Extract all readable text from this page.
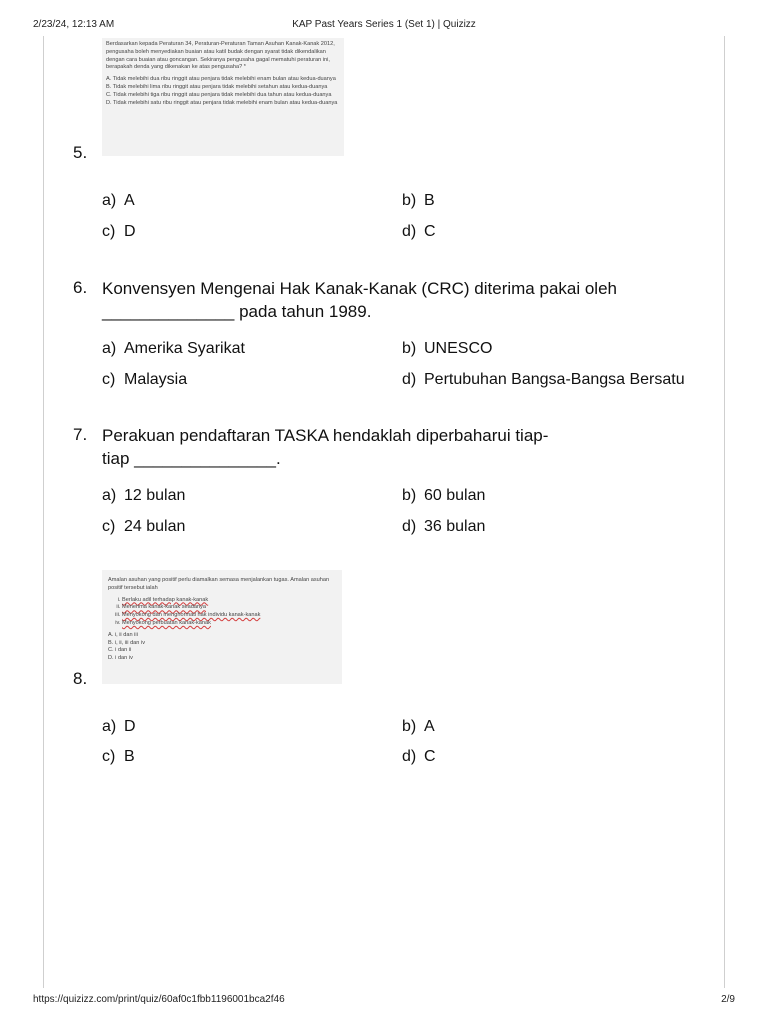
2/23/24, 12:13 AM	KAP Past Years Series 1 (Set 1) | Quizizz
https://quizizz.com/print/quiz/60af0c1fbb1196001bca2f46	2/9

Berdasarkan kepada Peraturan 34, Peraturan-Peraturan Taman Asuhan Kanak-Kanak 2012, pengusaha boleh menyediakan buaian atau katil budak dengan syarat tidak dikendalikan dengan cara buaian atau goncangan. Sekiranya pengusaha gagal mematuhi peraturan ini, berapakah denda yang dikenakan ke atas pengusaha? *

A. Tidak melebihi dua ribu ringgit atau penjara tidak melebihi enam bulan atau kedua-duanya

B. Tidak melebihi lima ribu ringgit atau penjara tidak melebihi setahun atau kedua-duanya

C. Tidak melebihi tiga ribu ringgit atau penjara tidak melebihi dua tahun atau kedua-duanya

D. Tidak melebihi satu ribu ringgit atau penjara tidak melebihi enam bulan atau kedua-duanya

5.
a) A	b) B
c) D	d) C
6. Konvensyen Mengenai Hak Kanak-Kanak (CRC) diterima pakai oleh ______________ pada tahun 1989.
a) Amerika Syarikat	b) UNESCO
c) Malaysia	d) Pertubuhan Bangsa-Bangsa Bersatu
7. Perakuan pendaftaran TASKA hendaklah diperbaharui tiap-tiap _______________.
a) 12 bulan	b) 60 bulan
c) 24 bulan	d) 36 bulan

Amalan asuhan yang positif perlu diamalkan semasa menjalankan tugas. Amalan asuhan positif tersebut ialah

i. Berlaku adil terhadap kanak-kanak
ii. Menerima kanak-kanak seadanya
iii. Menyokong dan menghormati hak individu kanak-kanak
iv. Menyokong perbuatan kanak-kanak

A. i, ii dan iii

B. i, ii, iii dan iv

C. i dan ii

D. i dan iv

8.
a) D	b) A
c) B	d) C
